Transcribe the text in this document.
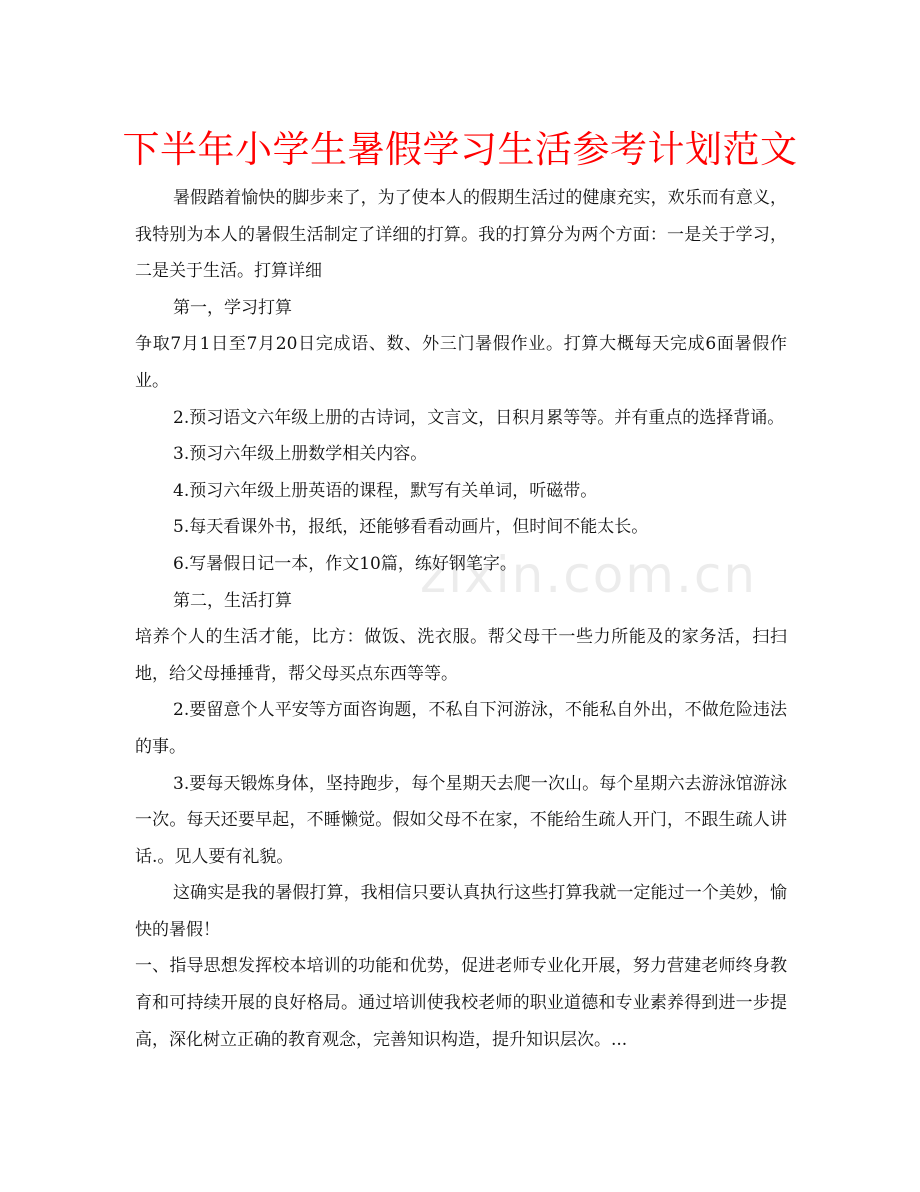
下半年小学生暑假学习生活参考计划范文

暑假踏着愉快的脚步来了，为了使本人的假期生活过的健康充实，欢乐而有意义，我特别为本人的暑假生活制定了详细的打算。我的打算分为两个方面：一是关于学习，二是关于生活。打算详细

第一，学习打算

争取7月1日至7月20日完成语、数、外三门暑假作业。打算大概每天完成6面暑假作业。

2.预习语文六年级上册的古诗词，文言文，日积月累等等。并有重点的选择背诵。

3.预习六年级上册数学相关内容。

4.预习六年级上册英语的课程，默写有关单词，听磁带。

5.每天看课外书，报纸，还能够看看动画片，但时间不能太长。

6.写暑假日记一本，作文10篇，练好钢笔字。

第二，生活打算

培养个人的生活才能，比方：做饭、洗衣服。帮父母干一些力所能及的家务活，扫扫地，给父母捶捶背，帮父母买点东西等等。

2.要留意个人平安等方面咨询题，不私自下河游泳，不能私自外出，不做危险违法的事。

3.要每天锻炼身体，坚持跑步，每个星期天去爬一次山。每个星期六去游泳馆游泳一次。每天还要早起，不睡懒觉。假如父母不在家，不能给生疏人开门，不跟生疏人讲话.。见人要有礼貌。

这确实是我的暑假打算，我相信只要认真执行这些打算我就一定能过一个美妙，愉快的暑假！

一、指导思想发挥校本培训的功能和优势，促进老师专业化开展，努力营建老师终身教育和可持续开展的良好格局。通过培训使我校老师的职业道德和专业素养得到进一步提高，深化树立正确的教育观念，完善知识构造，提升知识层次。...

zixin.com.cn
